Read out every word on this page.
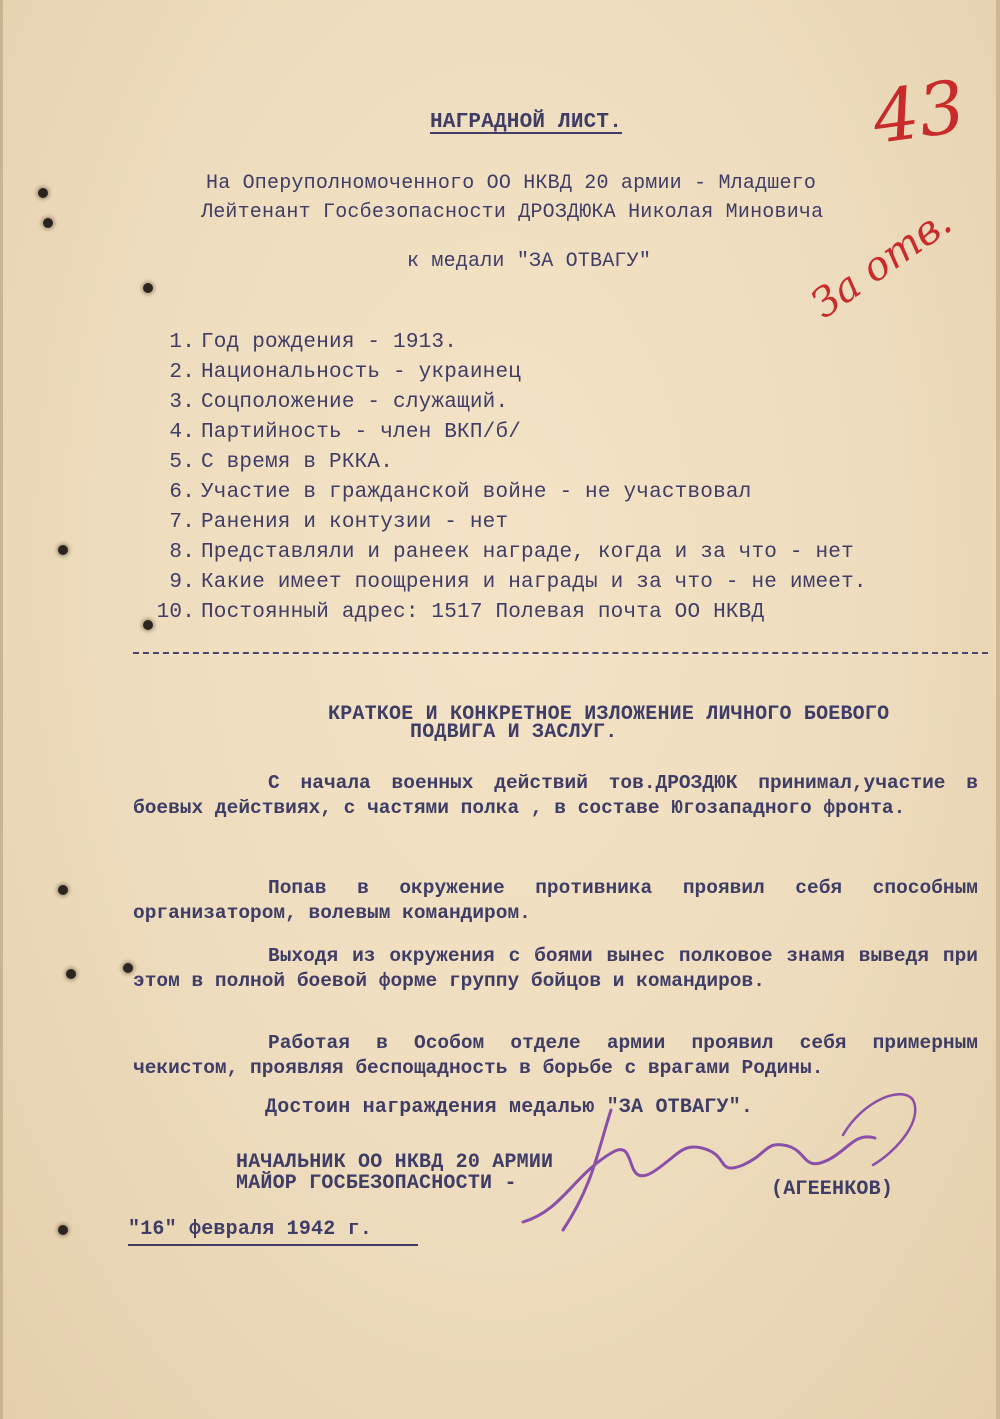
43
За отв.
НАГРАДНОЙ ЛИСТ.
На Оперуполномоченного ОО НКВД 20 армии - Младшего
Лейтенант Госбезопасности ДРОЗДЮКА Николая Миновича
к медали "ЗА ОТВАГУ"
1. Год рождения - 1913.
2. Национальность - украинец
3. Соцположение - служащий.
4. Партийность - член ВКП/б/
5. С время в РККА.
6. Участие в гражданской войне - не участвовал
7. Ранения и контузии - нет
8. Представляли и ранеек награде, когда и за что - нет
9. Какие имеет поощрения и награды и за что - не имеет.
10. Постоянный адрес: 1517 Полевая почта ОО НКВД
КРАТКОЕ И КОНКРЕТНОЕ ИЗЛОЖЕНИЕ ЛИЧНОГО БОЕВОГО
ПОДВИГА И ЗАСЛУГ.
С начала военных действий тов.ДРОЗДЮК принимал,участие в боевых действиях, с частями полка , в составе Югозападного фронта.
Попав в окружение противника проявил себя способным организатором, волевым командиром.
Выходя из окружения с боями вынес полковое знамя выведя при этом в полной боевой форме группу бойцов и командиров.
Работая в Особом отделе армии проявил себя примерным чекистом, проявляя беспощадность в борьбе с врагами Родины.
Достоин награждения медалью "ЗА ОТВАГУ".
НАЧАЛЬНИК ОО НКВД 20 АРМИИ
МАЙОР ГОСБЕЗОПАСНОСТИ -	(АГЕЕНКОВ)
"16" февраля 1942 г.
